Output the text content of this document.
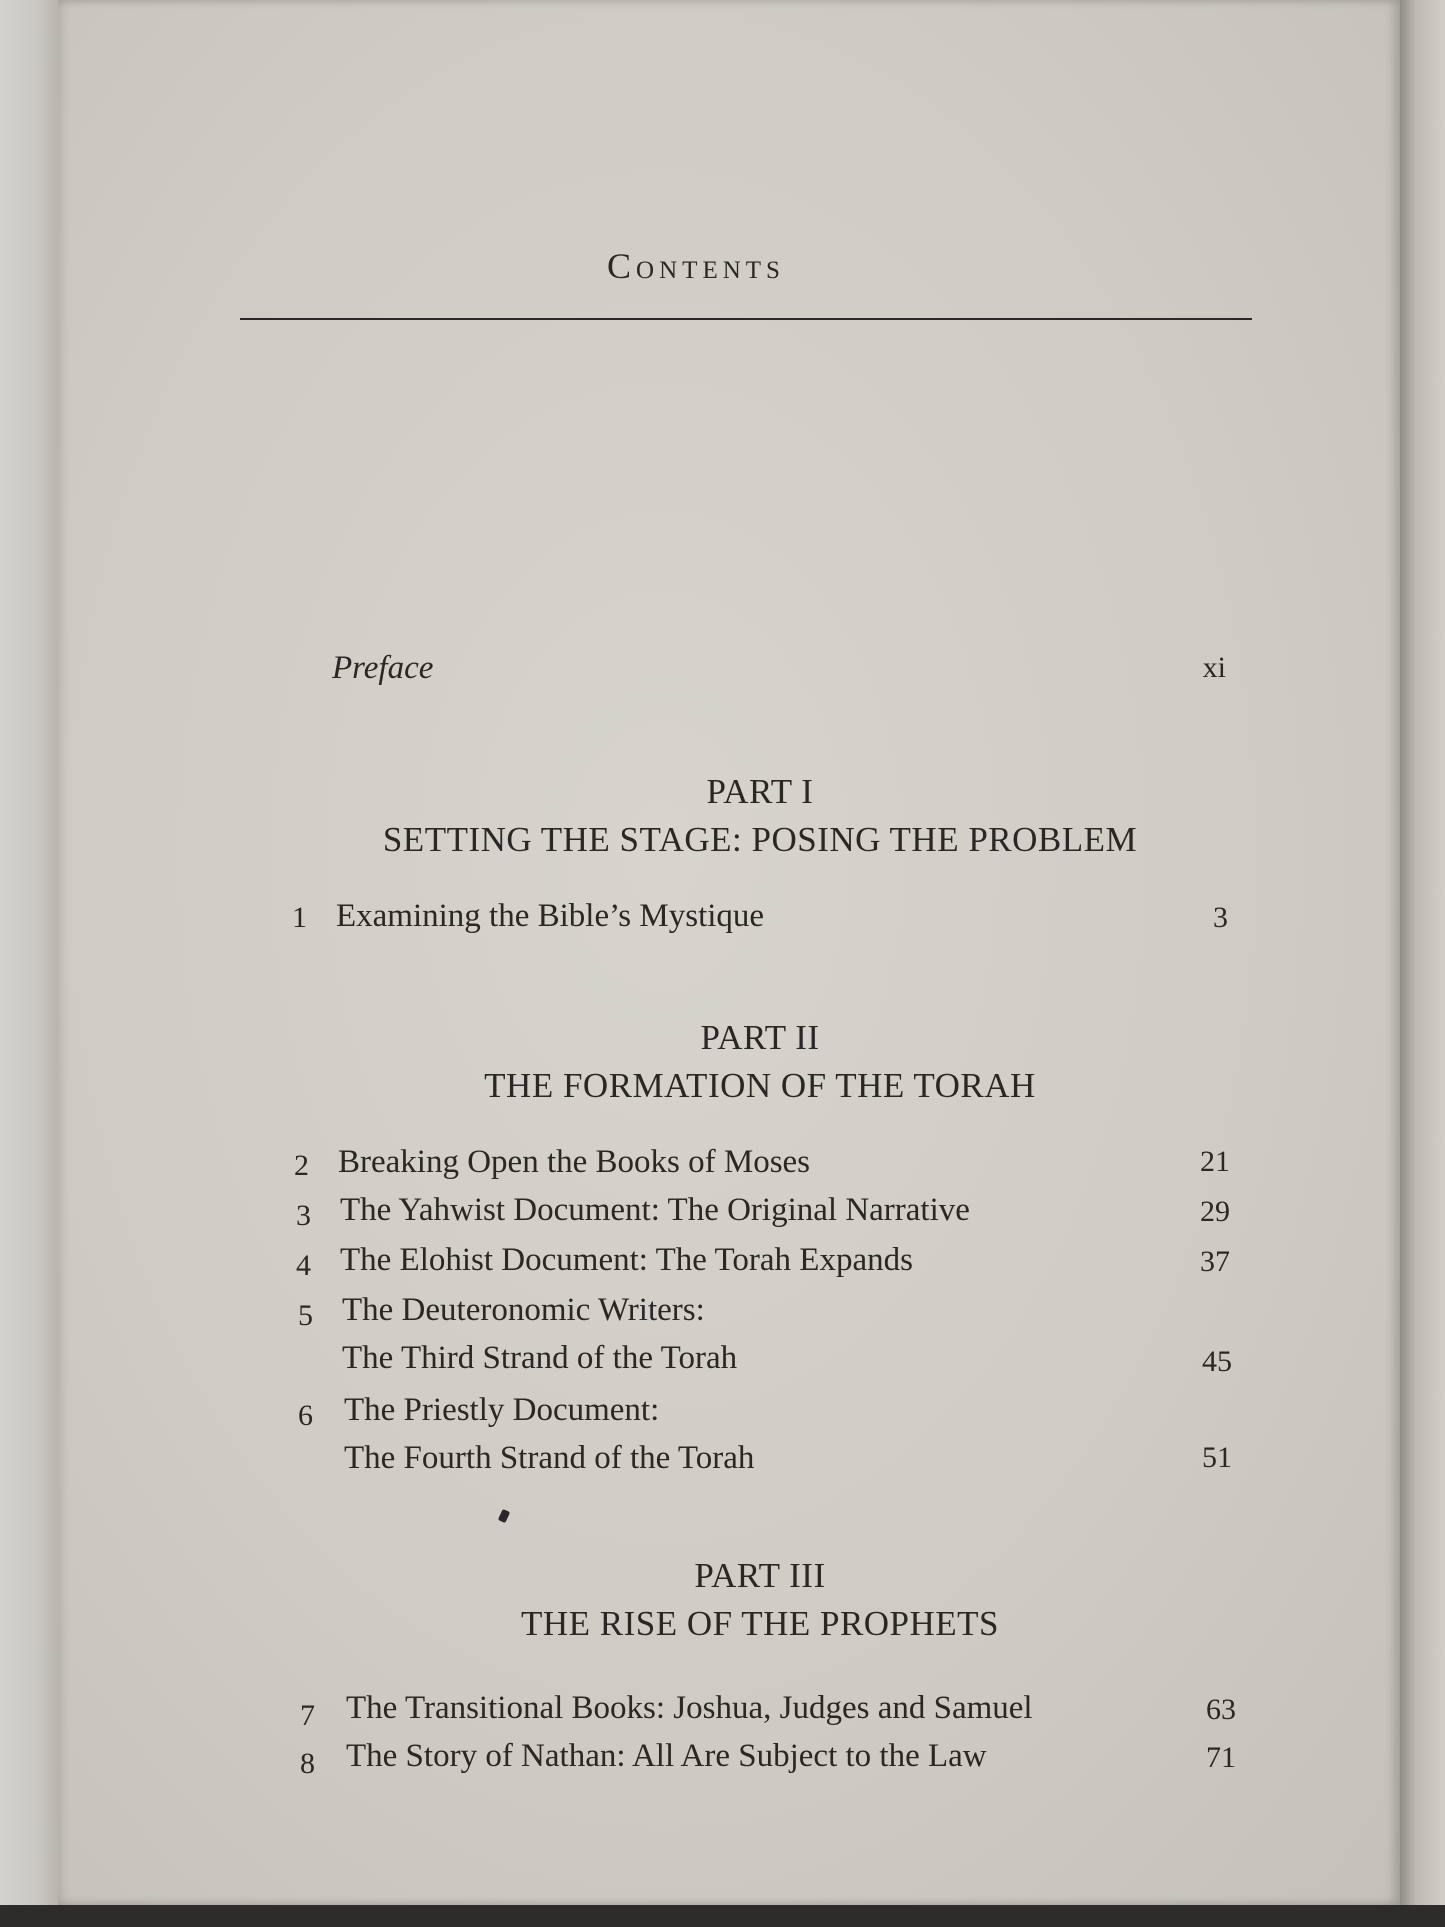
Contents
Preface	xi
PART I
SETTING THE STAGE: POSING THE PROBLEM
1 Examining the Bible’s Mystique	3
PART II
THE FORMATION OF THE TORAH
2 Breaking Open the Books of Moses	21
3 The Yahwist Document: The Original Narrative	29
4 The Elohist Document: The Torah Expands	37
5 The Deuteronomic Writers:
The Third Strand of the Torah	45
6 The Priestly Document:
The Fourth Strand of the Torah	51
PART III
THE RISE OF THE PROPHETS
7 The Transitional Books: Joshua, Judges and Samuel	63
8 The Story of Nathan: All Are Subject to the Law	71
